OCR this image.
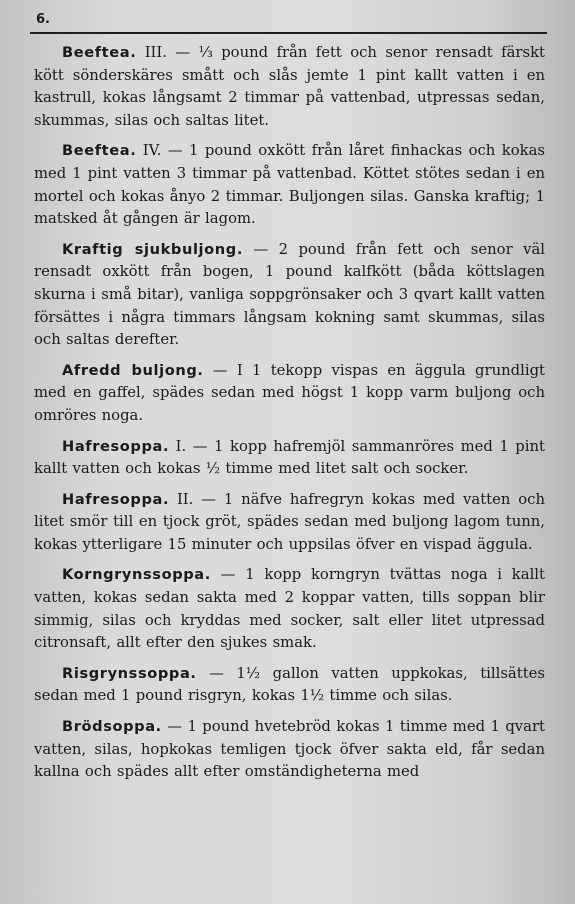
6.

Beeftea. III. — ⅓ pound från fett och senor rensadt färskt kött sönderskäres smått och slås jemte 1 pint kallt vatten i en kastrull, kokas långsamt 2 timmar på vattenbad, utpressas sedan, skummas, silas och saltas litet.

Beeftea. IV. — 1 pound oxkött från låret finhackas och kokas med 1 pint vatten 3 timmar på vattenbad. Köttet stötes sedan i en mortel och kokas ånyo 2 timmar. Buljongen silas. Ganska kraftig; 1 matsked åt gången är lagom.

Kraftig sjukbuljong. — 2 pound från fett och senor väl rensadt oxkött från bogen, 1 pound kalfkött (båda köttslagen skurna i små bitar), vanliga soppgrönsaker och 3 qvart kallt vatten försättes i några timmars långsam kokning samt skummas, silas och saltas derefter.

Afredd buljong. — I 1 tekopp vispas en äggula grundligt med en gaffel, spädes sedan med högst 1 kopp varm buljong och omröres noga.

Hafresoppa. I. — 1 kopp hafremjöl sammanröres med 1 pint kallt vatten och kokas ½ timme med litet salt och socker.

Hafresoppa. II. — 1 näfve hafregryn kokas med vatten och litet smör till en tjock gröt, spädes sedan med buljong lagom tunn, kokas ytterligare 15 minuter och uppsilas öfver en vispad äggula.

Korngrynssoppa. — 1 kopp korngryn tvättas noga i kallt vatten, kokas sedan sakta med 2 koppar vatten, tills soppan blir simmig, silas och kryddas med socker, salt eller litet utpressad citronsaft, allt efter den sjukes smak.

Risgrynssoppa. — 1½ gallon vatten uppkokas, tillsättes sedan med 1 pound risgryn, kokas 1½ timme och silas.

Brödsoppa. — 1 pound hvetebröd kokas 1 timme med 1 qvart vatten, silas, hopkokas temligen tjock öfver sakta eld, får sedan kallna och spädes allt efter omständigheterna med
